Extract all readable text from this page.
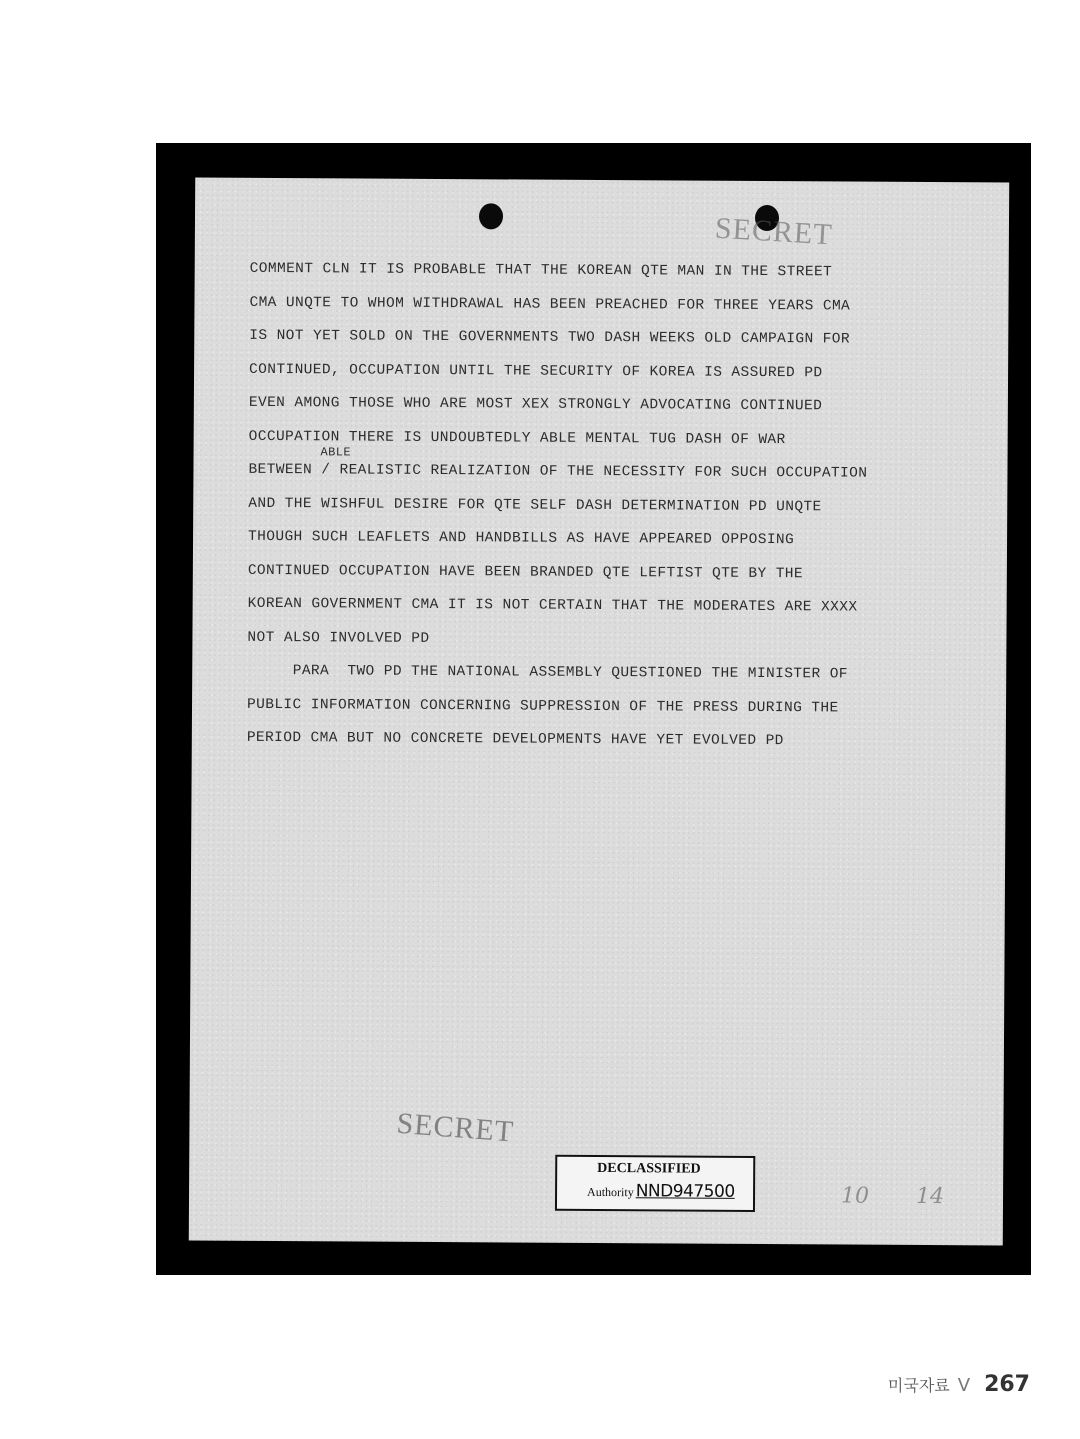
SECRET
COMMENT CLN IT IS PROBABLE THAT THE KOREAN QTE MAN IN THE STREET
CMA UNQTE TO WHOM WITHDRAWAL HAS BEEN PREACHED FOR THREE YEARS CMA
IS NOT YET SOLD ON THE GOVERNMENTS TWO DASH WEEKS OLD CAMPAIGN FOR
CONTINUED, OCCUPATION UNTIL THE SECURITY OF KOREA IS ASSURED PD
EVEN AMONG THOSE WHO ARE MOST XEX STRONGLY ADVOCATING CONTINUED
OCCUPATION THERE IS UNDOUBTEDLY ABLE MENTAL TUG DASH OF WAR
ABLE
BETWEEN / REALISTIC REALIZATION OF THE NECESSITY FOR SUCH OCCUPATION
AND THE WISHFUL DESIRE FOR QTE SELF DASH DETERMINATION PD UNQTE
THOUGH SUCH LEAFLETS AND HANDBILLS AS HAVE APPEARED OPPOSING
CONTINUED OCCUPATION HAVE BEEN BRANDED QTE LEFTIST QTE BY THE
KOREAN GOVERNMENT CMA IT IS NOT CERTAIN THAT THE MODERATES ARE XXXX
NOT ALSO INVOLVED PD
PARA  TWO PD THE NATIONAL ASSEMBLY QUESTIONED THE MINISTER OF
PUBLIC INFORMATION CONCERNING SUPPRESSION OF THE PRESS DURING THE
PERIOD CMA BUT NO CONCRETE DEVELOPMENTS HAVE YET EVOLVED PD
SECRET
DECLASSIFIED
Authority NND947500	10 14
미국자료 V 267
